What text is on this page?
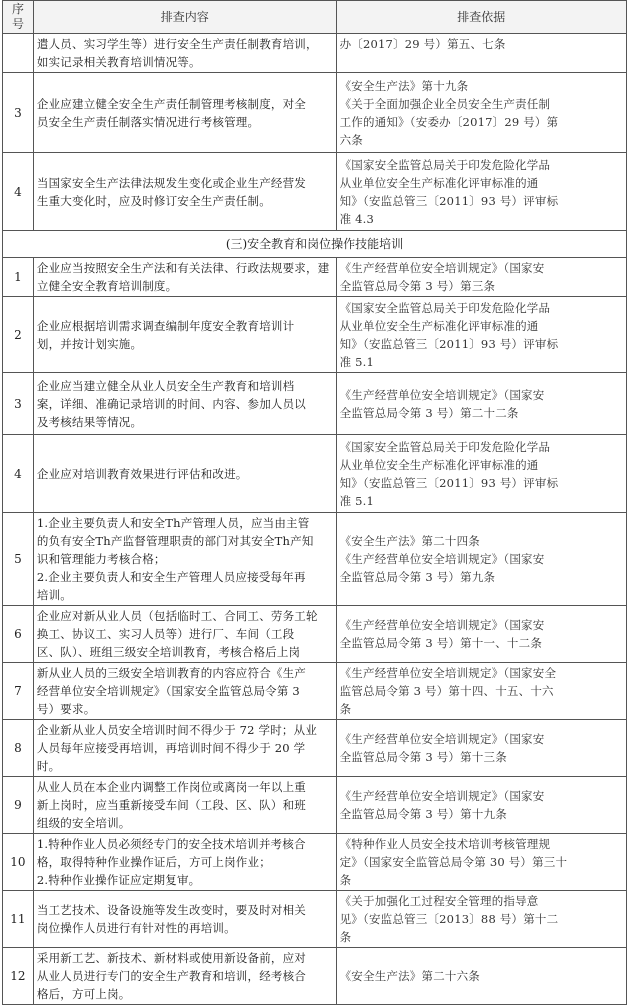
序号	排查内容	排查依据
	遣人员、实习学生等）进行安全生产责任制教育培训，
如实记录相关教育培训情况等。	办〔2017〕29 号）第五、七条
3	企业应建立健全安全生产责任制管理考核制度，对全
员安全生产责任制落实情况进行考核管理。	《安全生产法》第十九条
《关于全面加强企业全员安全生产责任制
工作的通知》（安委办〔2017〕29 号）第
六条
4	当国家安全生产法律法规发生变化或企业生产经营发
生重大变化时，应及时修订安全生产责任制。	《国家安全监管总局关于印发危险化学品
从业单位安全生产标准化评审标准的通
知》（安监总管三〔2011〕93 号）评审标
准 4.3
(三)安全教育和岗位操作技能培训		
1	企业应当按照安全生产法和有关法律、行政法规要求，建
立健全安全教育培训制度。	《生产经营单位安全培训规定》（国家安
全监管总局令第 3 号）第三条
2	企业应根据培训需求调查编制年度安全教育培训计
划，并按计划实施。	《国家安全监管总局关于印发危险化学品
从业单位安全生产标准化评审标准的通
知》（安监总管三〔2011〕93 号）评审标
准 5.1
3	企业应当建立健全从业人员安全生产教育和培训档
案，详细、准确记录培训的时间、内容、参加人员以
及考核结果等情况。	《生产经营单位安全培训规定》（国家安
全监管总局令第 3 号）第二十二条
4	企业应对培训教育效果进行评估和改进。	《国家安全监管总局关于印发危险化学品
从业单位安全生产标准化评审标准的通
知》（安监总管三〔2011〕93 号）评审标
准 5.1
5	1.企业主要负责人和安全Th产管理人员，应当由主管
的负有安全Th产监督管理职责的部门对其安全Th产知
识和管理能力考核合格；
2.企业主要负责人和安全生产管理人员应接受每年再
培训。	《安全生产法》第二十四条
《生产经营单位安全培训规定》（国家安
全监管总局令第 3 号）第九条
6	企业应对新从业人员（包括临时工、合同工、劳务工轮
换工、协议工、实习人员等）进行厂、车间（工段
区、队）、班组三级安全培训教育，考核合格后上岗	《生产经营单位安全培训规定》（国家安
全监管总局令第 3 号）第十一、十二条
7	新从业人员的三级安全培训教育的内容应符合《生产
经营单位安全培训规定》（国家安全监管总局令第 3
号）要求。	《生产经营单位安全培训规定》（国家安全
监管总局令第 3 号）第十四、十五、十六
条
8	企业新从业人员安全培训时间不得少于 72 学时；从业
人员每年应接受再培训，再培训时间不得少于 20 学
时。	《生产经营单位安全培训规定》（国家安
全监管总局令第 3 号）第十三条
9	从业人员在本企业内调整工作岗位或离岗一年以上重
新上岗时，应当重新接受车间（工段、区、队）和班
组级的安全培训。	《生产经营单位安全培训规定》（国家安
全监管总局令第 3 号）第十九条
10	1.特种作业人员必须经专门的安全技术培训并考核合
格，取得特种作业操作证后，方可上岗作业；
2.特种作业操作证应定期复审。	《特种作业人员安全技术培训考核管理规
定》（国家安全监管总局令第 30 号）第三十
条
11	当工艺技术、设备设施等发生改变时，要及时对相关
岗位操作人员进行有针对性的再培训。	《关于加强化工过程安全管理的指导意
见》（安监总管三〔2013〕88 号）第十二
条
12	采用新工艺、新技术、新材料或使用新设备前，应对
从业人员进行专门的安全生产教育和培训，经考核合
格后，方可上岗。	《安全生产法》第二十六条
